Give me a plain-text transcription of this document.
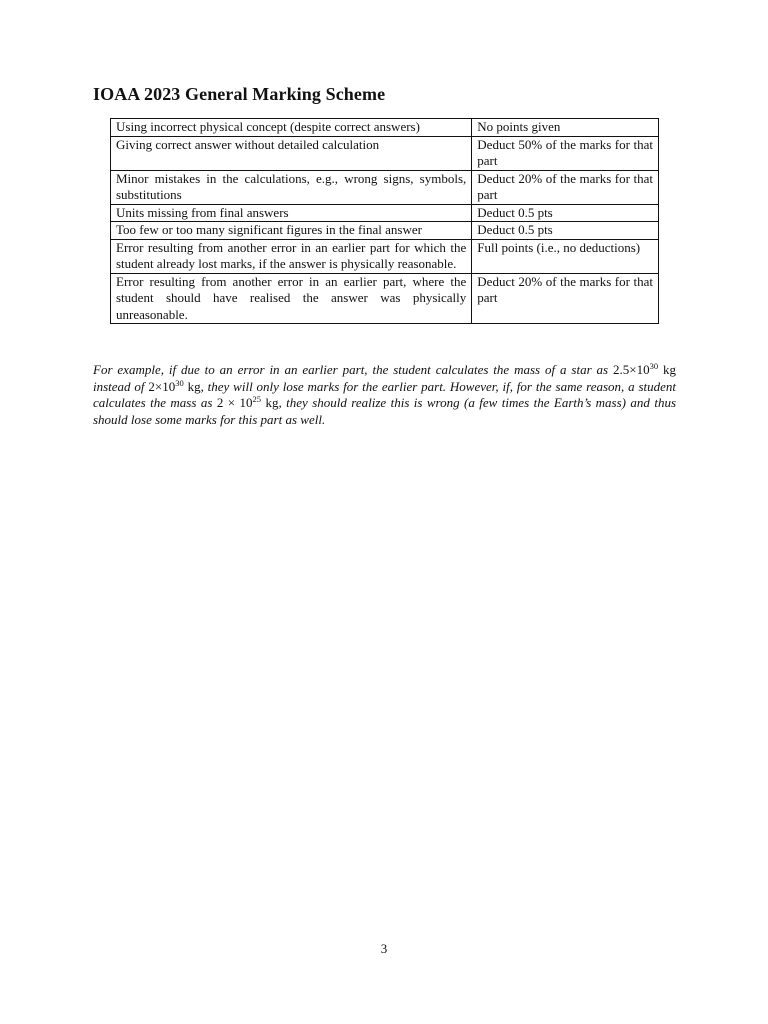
IOAA 2023 General Marking Scheme
Using incorrect physical concept (despite correct answers)	No points given
Giving correct answer without detailed calculation	Deduct 50% of the marks for that part
Minor mistakes in the calculations, e.g., wrong signs, symbols, substitutions	Deduct 20% of the marks for that part
Units missing from final answers	Deduct 0.5 pts
Too few or too many significant figures in the final answer	Deduct 0.5 pts
Error resulting from another error in an earlier part for which the student already lost marks, if the answer is physically reasonable.	Full points (i.e., no deductions)
Error resulting from another error in an earlier part, where the student should have realised the answer was physically unreasonable.	Deduct 20% of the marks for that part

For example, if due to an error in an earlier part, the student calculates the mass of a star as $2.5\times 10^{30}$ kg instead of $2\times 10^{30}$ kg, they will only lose marks for the earlier part. However, if, for the same reason, a student calculates the mass as $2 \times 10^{25}$ kg, they should realize this is wrong (a few times the Earth’s mass) and thus should lose some marks for this part as well.

3
